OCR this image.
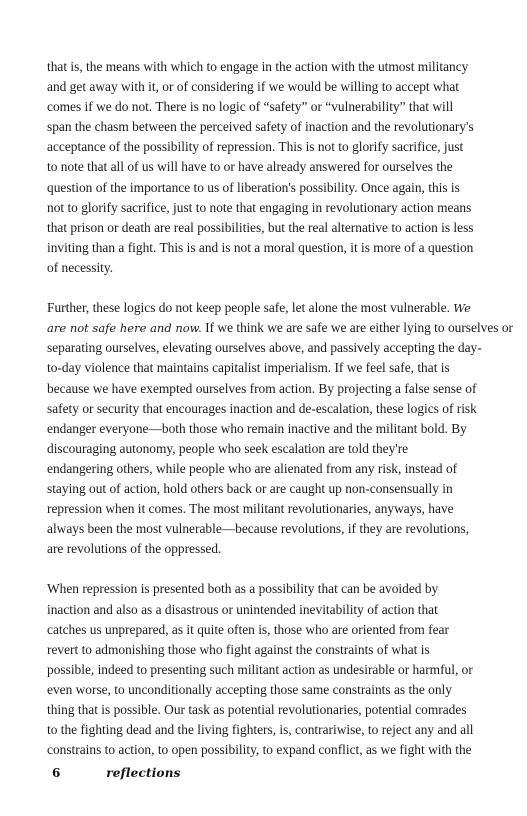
that is, the means with which to engage in the action with the utmost militancy
and get away with it, or of considering if we would be willing to accept what
comes if we do not. There is no logic of “safety” or “vulnerability” that will
span the chasm between the perceived safety of inaction and the revolutionary's
acceptance of the possibility of repression. This is not to glorify sacrifice, just
to note that all of us will have to or have already answered for ourselves the
question of the importance to us of liberation's possibility. Once again, this is
not to glorify sacrifice, just to note that engaging in revolutionary action means
that prison or death are real possibilities, but the real alternative to action is less
inviting than a fight. This is and is not a moral question, it is more of a question
of necessity.

Further, these logics do not keep people safe, let alone the most vulnerable. We
are not safe here and now. If we think we are safe we are either lying to ourselves or
separating ourselves, elevating ourselves above, and passively accepting the day-
to-day violence that maintains capitalist imperialism. If we feel safe, that is
because we have exempted ourselves from action. By projecting a false sense of
safety or security that encourages inaction and de-escalation, these logics of risk
endanger everyone—both those who remain inactive and the militant bold. By
discouraging autonomy, people who seek escalation are told they're
endangering others, while people who are alienated from any risk, instead of
staying out of action, hold others back or are caught up non-consensually in
repression when it comes. The most militant revolutionaries, anyways, have
always been the most vulnerable—because revolutions, if they are revolutions,
are revolutions of the oppressed.

When repression is presented both as a possibility that can be avoided by
inaction and also as a disastrous or unintended inevitability of action that
catches us unprepared, as it quite often is, those who are oriented from fear
revert to admonishing those who fight against the constraints of what is
possible, indeed to presenting such militant action as undesirable or harmful, or
even worse, to unconditionally accepting those same constraints as the only
thing that is possible. Our task as potential revolutionaries, potential comrades
to the fighting dead and the living fighters, is, contrariwise, to reject any and all
constrains to action, to open possibility, to expand conflict, as we fight with the

6	reflections
